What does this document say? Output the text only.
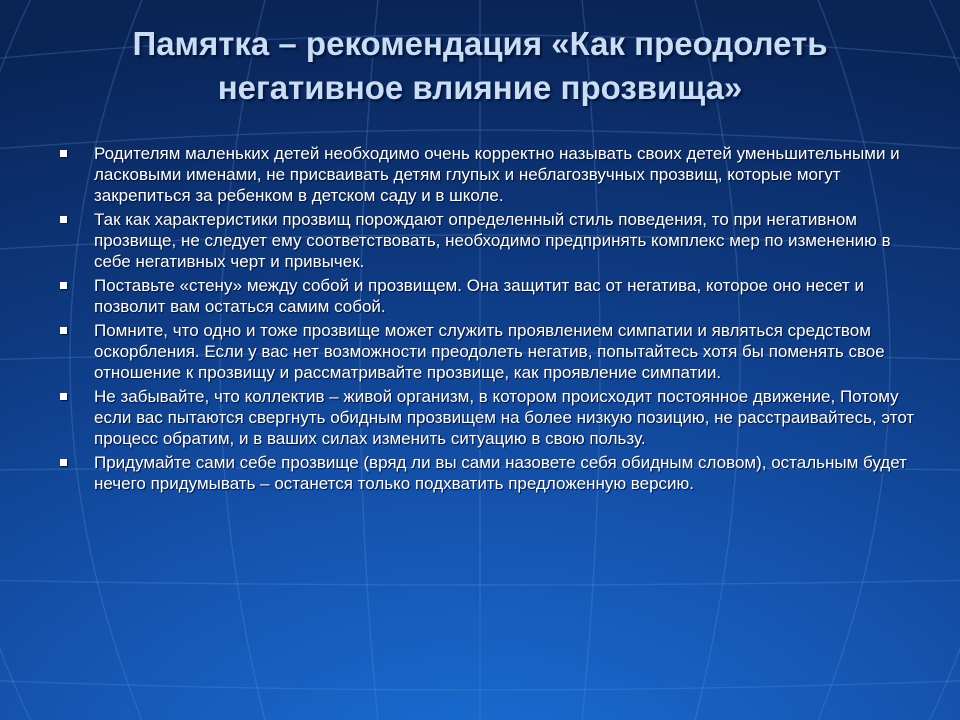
Памятка – рекомендация «Как преодолеть
негативное влияние прозвища»
Родителям маленьких детей необходимо очень корректно называть своих детей уменьшительными и ласковыми именами, не присваивать детям глупых и неблагозвучных прозвищ, которые могут закрепиться за ребенком в детском саду и в школе.
Так как характеристики прозвищ порождают определенный стиль поведения, то при негативном прозвище, не следует ему соответствовать, необходимо предпринять комплекс мер по изменению в себе негативных черт и привычек.
Поставьте «стену» между собой и прозвищем. Она защитит вас от негатива, которое оно несет и позволит вам остаться самим собой.
Помните, что одно и тоже прозвище может служить проявлением симпатии и являться средством оскорбления. Если у вас нет возможности преодолеть негатив, попытайтесь хотя бы поменять свое отношение к прозвищу и рассматривайте прозвище, как проявление симпатии.
Не забывайте, что коллектив – живой организм, в котором происходит постоянное движение, Потому если вас пытаются свергнуть обидным прозвищем на более низкую позицию, не расстраивайтесь, этот процесс обратим, и в ваших силах изменить ситуацию в свою пользу.
Придумайте сами себе прозвище (вряд ли вы сами назовете себя обидным словом), остальным будет нечего придумывать – останется только подхватить предложенную версию.
